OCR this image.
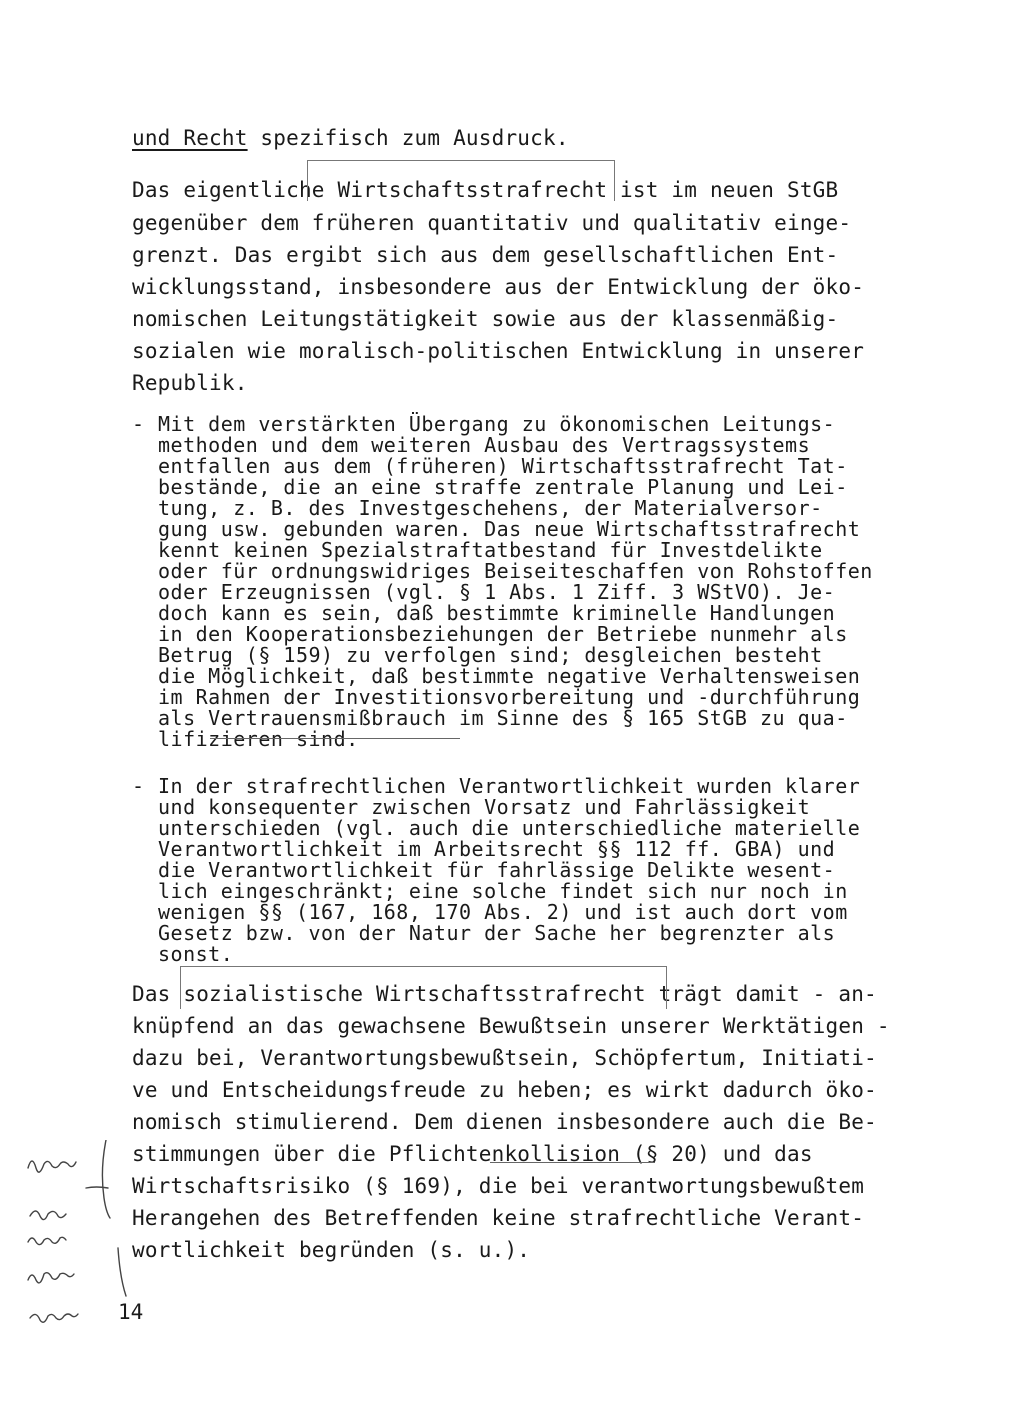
und Recht spezifisch zum Ausdruck.

Das eigentliche Wirtschaftsstrafrecht ist im neuen StGB

gegenüber dem früheren quantitativ und qualitativ einge-

grenzt. Das ergibt sich aus dem gesellschaftlichen Ent-

wicklungsstand, insbesondere aus der Entwicklung der öko-

nomischen Leitungstätigkeit sowie aus der klassenmäßig-

sozialen wie moralisch-politischen Entwicklung in unserer

Republik.

- Mit dem verstärkten Übergang zu ökonomischen Leitungs-

methoden und dem weiteren Ausbau des Vertragssystems

entfallen aus dem (früheren) Wirtschaftsstrafrecht Tat-

bestände, die an eine straffe zentrale Planung und Lei-

tung, z. B. des Investgeschehens, der Materialversor-

gung usw. gebunden waren. Das neue Wirtschaftsstrafrecht

kennt keinen Spezialstraftatbestand für Investdelikte

oder für ordnungswidriges Beiseiteschaffen von Rohstoffen

oder Erzeugnissen (vgl. § 1 Abs. 1 Ziff. 3 WStVO). Je-

doch kann es sein, daß bestimmte kriminelle Handlungen

in den Kooperationsbeziehungen der Betriebe nunmehr als

Betrug (§ 159) zu verfolgen sind; desgleichen besteht

die Möglichkeit, daß bestimmte negative Verhaltensweisen

im Rahmen der Investitionsvorbereitung und -durchführung

als Vertrauensmißbrauch im Sinne des § 165 StGB zu qua-

lifizieren sind.

- In der strafrechtlichen Verantwortlichkeit wurden klarer

und konsequenter zwischen Vorsatz und Fahrlässigkeit

unterschieden (vgl. auch die unterschiedliche materielle

Verantwortlichkeit im Arbeitsrecht §§ 112 ff. GBA) und

die Verantwortlichkeit für fahrlässige Delikte wesent-

lich eingeschränkt; eine solche findet sich nur noch in

wenigen §§ (167, 168, 170 Abs. 2) und ist auch dort vom

Gesetz bzw. von der Natur der Sache her begrenzter als

sonst.

Das sozialistische Wirtschaftsstrafrecht trägt damit - an-

knüpfend an das gewachsene Bewußtsein unserer Werktätigen -

dazu bei, Verantwortungsbewußtsein, Schöpfertum, Initiati-

ve und Entscheidungsfreude zu heben; es wirkt dadurch öko-

nomisch stimulierend. Dem dienen insbesondere auch die Be-

stimmungen über die Pflichtenkollision (§ 20) und das

Wirtschaftsrisiko (§ 169), die bei verantwortungsbewußtem

Herangehen des Betreffenden keine strafrechtliche Verant-

wortlichkeit begründen (s. u.).

14
